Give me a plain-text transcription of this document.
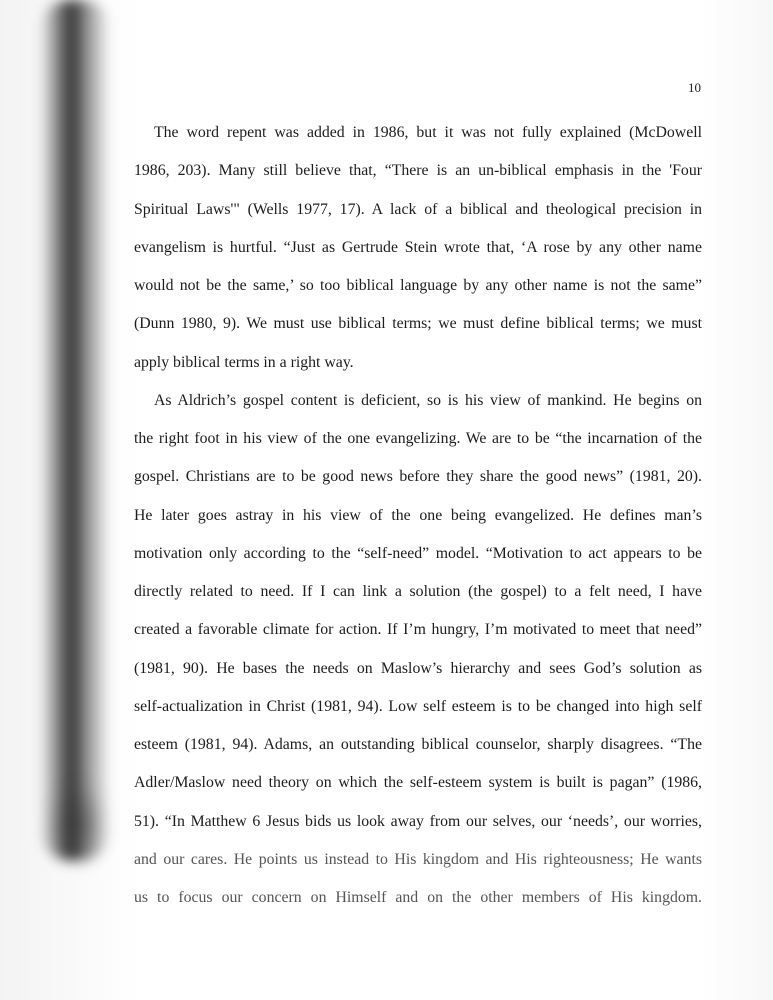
10
The word repent was added in 1986, but it was not fully explained (McDowell
1986, 203). Many still believe that, “There is an un-biblical emphasis in the 'Four
Spiritual Laws'" (Wells 1977, 17). A lack of a biblical and theological precision in
evangelism is hurtful. “Just as Gertrude Stein wrote that, ‘A rose by any other name
would not be the same,’ so too biblical language by any other name is not the same”
(Dunn 1980, 9). We must use biblical terms; we must define biblical terms; we must
apply biblical terms in a right way.
As Aldrich’s gospel content is deficient, so is his view of mankind. He begins on
the right foot in his view of the one evangelizing. We are to be “the incarnation of the
gospel. Christians are to be good news before they share the good news” (1981, 20).
He later goes astray in his view of the one being evangelized. He defines man’s
motivation only according to the “self-need” model. “Motivation to act appears to be
directly related to need. If I can link a solution (the gospel) to a felt need, I have
created a favorable climate for action. If I’m hungry, I’m motivated to meet that need”
(1981, 90). He bases the needs on Maslow’s hierarchy and sees God’s solution as
self-actualization in Christ (1981, 94). Low self esteem is to be changed into high self
esteem (1981, 94). Adams, an outstanding biblical counselor, sharply disagrees. “The
Adler/Maslow need theory on which the self-esteem system is built is pagan” (1986,
51). “In Matthew 6 Jesus bids us look away from our selves, our ‘needs’, our worries,
and our cares. He points us instead to His kingdom and His righteousness; He wants
us to focus our concern on Himself and on the other members of His kingdom.
